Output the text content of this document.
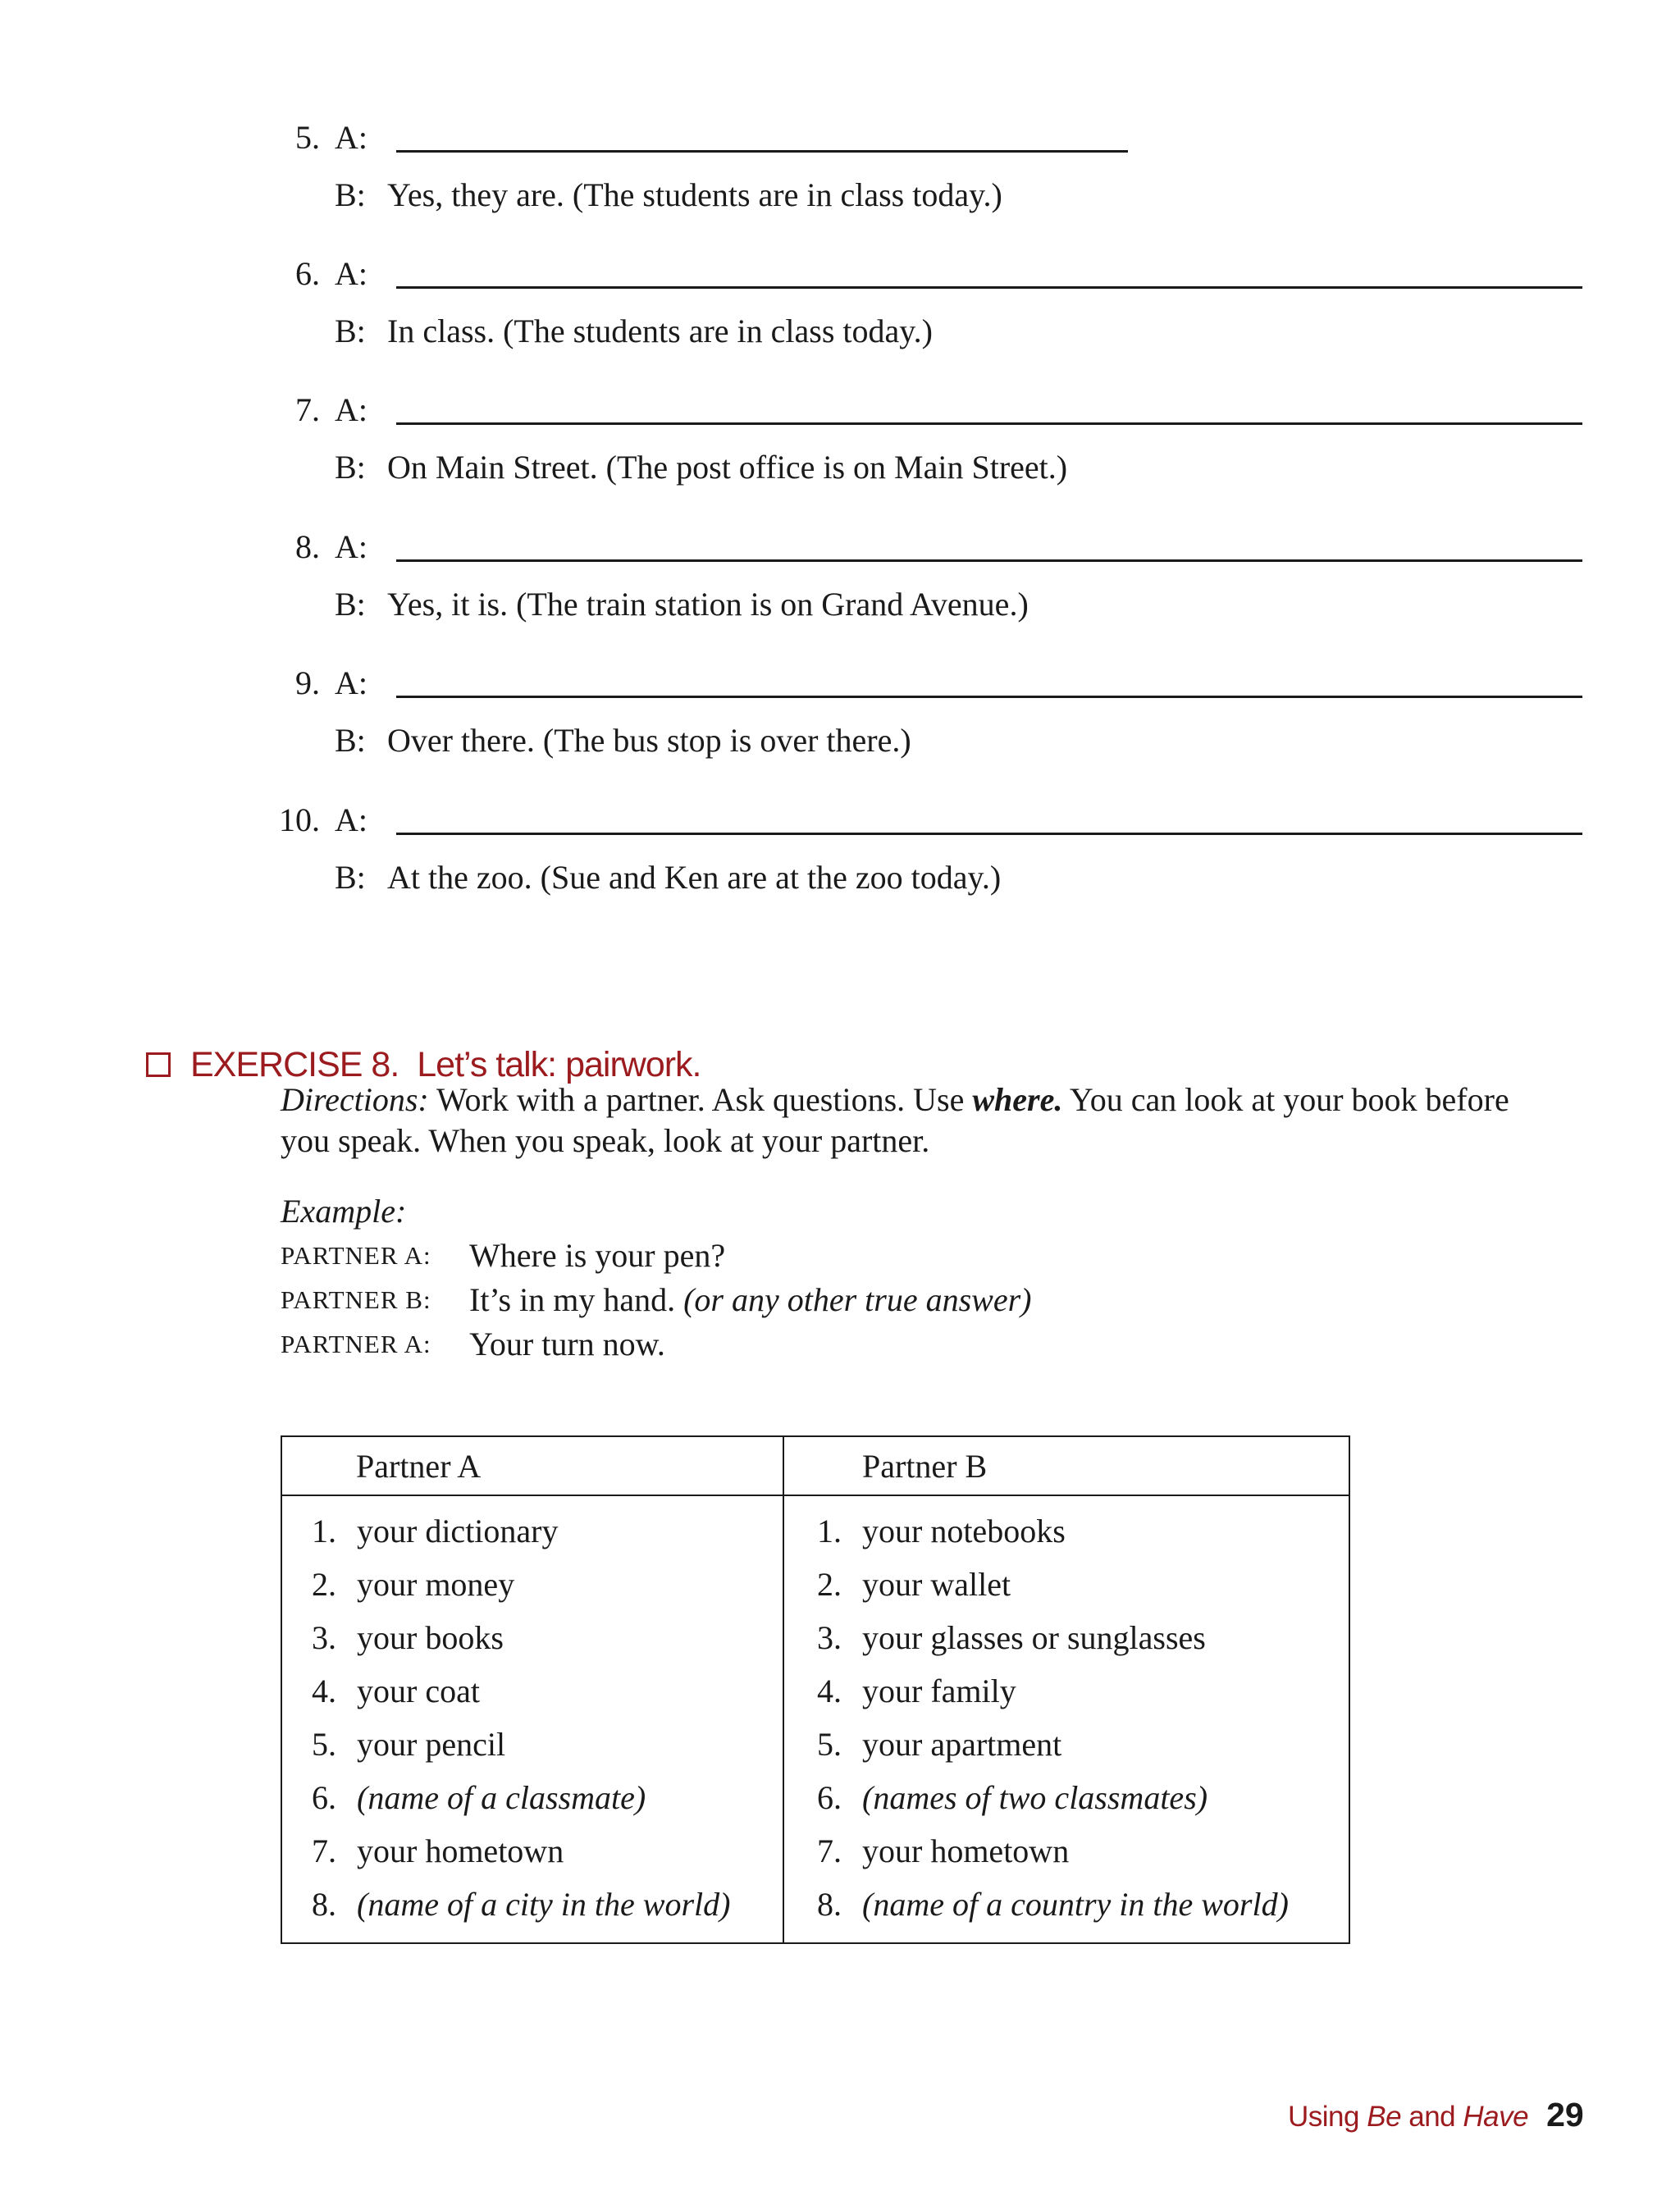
5. A:
B: Yes, they are. (The students are in class today.)
6. A:
B: In class. (The students are in class today.)
7. A:
B: On Main Street. (The post office is on Main Street.)
8. A:
B: Yes, it is. (The train station is on Grand Avenue.)
9. A:
B: Over there. (The bus stop is over there.)
10. A:
B: At the zoo. (Sue and Ken are at the zoo today.)
EXERCISE 8. Let’s talk: pairwork.
Directions: Work with a partner. Ask questions. Use where. You can look at your book before you speak. When you speak, look at your partner.
Example:
PARTNER A:	Where is your pen?
PARTNER B:	It’s in my hand. (or any other true answer)
PARTNER A:	Your turn now.
Partner A	Partner B
1. your dictionary	1. your notebooks
2. your money	2. your wallet
3. your books	3. your glasses or sunglasses
4. your coat	4. your family
5. your pencil	5. your apartment
6. (name of a classmate)	6. (names of two classmates)
7. your hometown	7. your hometown
8. (name of a city in the world)	8. (name of a country in the world)
Using Be and Have 29
